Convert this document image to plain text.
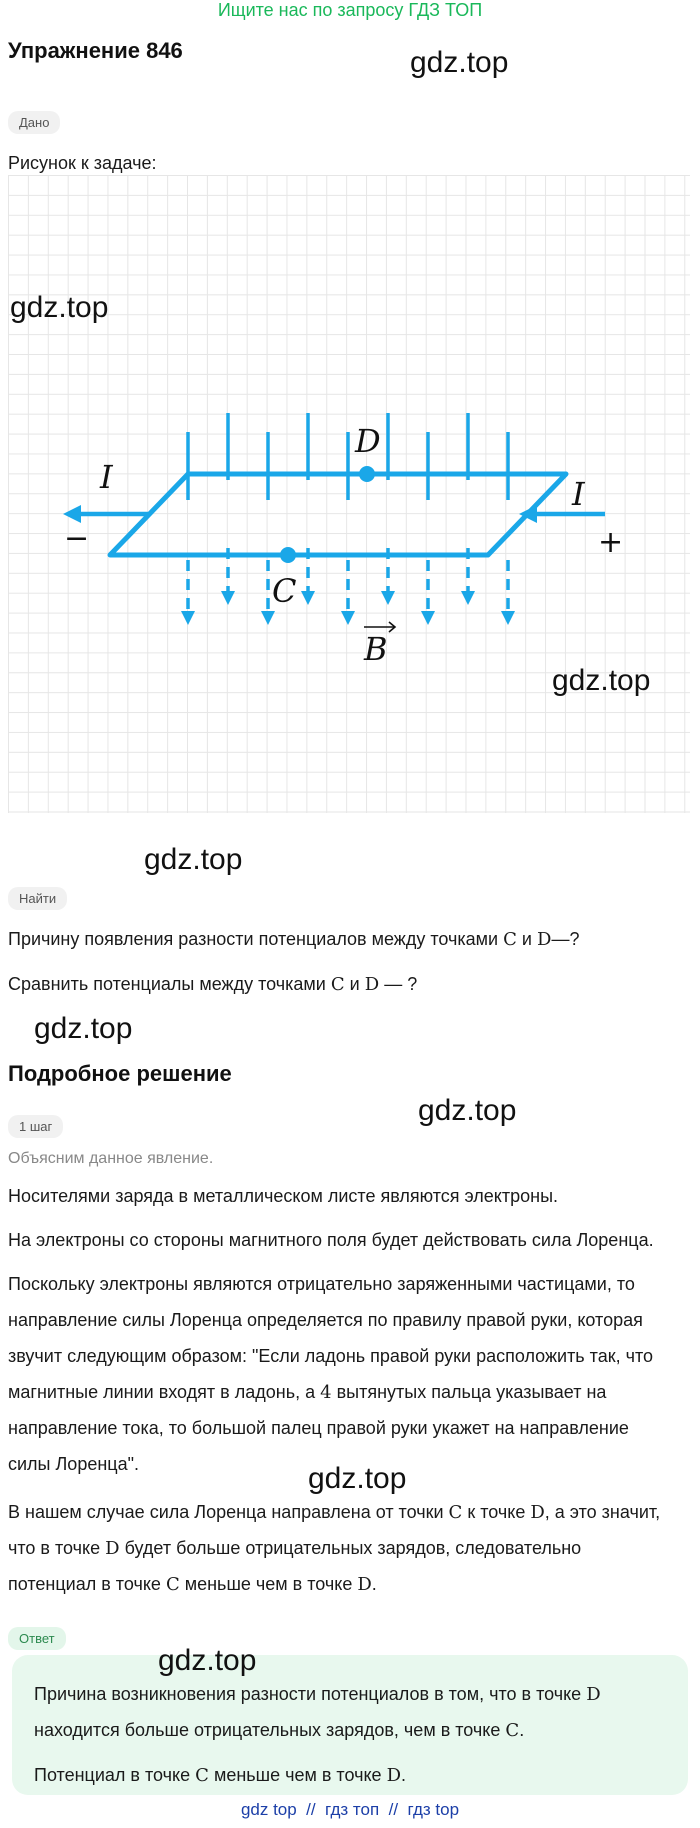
Ищите нас по запросу ГДЗ ТОП
Упражнение 846	gdz.top
Дано
Рисунок к задаче:
I	I
D
C
B
−	+
gdz.top
gdz.top
gdz.top
Найти
Причину появления разности потенциалов между точками C и D—?
Сравнить потенциалы между точками C и D — ?
gdz.top
Подробное решение
gdz.top
1 шаг
Объясним данное явление.
Носителями заряда в металлическом листе являются электроны.
На электроны со стороны магнитного поля будет действовать сила Лоренца.
Поскольку электроны являются отрицательно заряженными частицами, то
направление силы Лоренца определяется по правилу правой руки, которая
звучит следующим образом: "Если ладонь правой руки расположить так, что
магнитные линии входят в ладонь, а 4 вытянутых пальца указывает на
направление тока, то большой палец правой руки укажет на направление
силы Лоренца".	gdz.top
В нашем случае сила Лоренца направлена от точки C к точке D, а это значит,
что в точке D будет больше отрицательных зарядов, следовательно
потенциал в точке C меньше чем в точке D.
Ответ
gdz.top
Причина возникновения разности потенциалов в том, что в точке D
находится больше отрицательных зарядов, чем в точке C.
Потенциал в точке C меньше чем в точке D.
gdz top  //  гдз топ  //  гдз top
